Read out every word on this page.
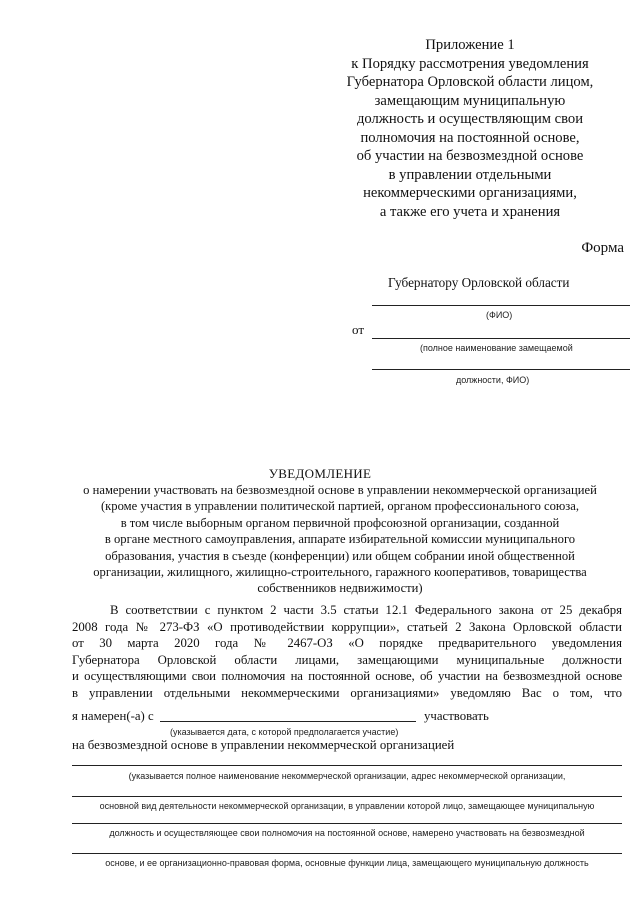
Приложение 1
к Порядку рассмотрения уведомления
Губернатора Орловской области лицом,
замещающим муниципальную
должность и осуществляющим свои
полномочия на постоянной основе,
об участии на безвозмездной основе
в управлении отдельными
некоммерческими организациями,
а также его учета и хранения
Форма
Губернатору Орловской области
(ФИО)
от
(полное наименование замещаемой
должности, ФИО)
УВЕДОМЛЕНИЕ
о намерении участвовать на безвозмездной основе в управлении некоммерческой организацией
(кроме участия в управлении политической партией, органом профессионального союза,
в том числе выборным органом первичной профсоюзной организации, созданной
в органе местного самоуправления, аппарате избирательной комиссии муниципального
образования, участия в съезде (конференции) или общем собрании иной общественной
организации, жилищного, жилищно-строительного, гаражного кооперативов, товарищества
собственников недвижимости)
В соответствии с пунктом 2 части 3.5 статьи 12.1 Федерального закона от 25 декабря
2008 года № 273-ФЗ «О противодействии коррупции», статьей 2 Закона Орловской области
от 30 марта 2020 года № 2467-ОЗ «О порядке предварительного уведомления
Губернатора Орловской области лицами, замещающими муниципальные должности
и осуществляющими свои полномочия на постоянной основе, об участии на безвозмездной основе
в управлении отдельными некоммерческими организациями» уведомляю Вас о том, что
я намерен(-а) с	участвовать
(указывается дата, с которой предполагается участие)
на безвозмездной основе в управлении некоммерческой организацией
(указывается полное наименование некоммерческой организации, адрес некоммерческой организации,
основной вид деятельности некоммерческой организации, в управлении которой лицо, замещающее муниципальную
должность и осуществляющее свои полномочия на постоянной основе, намерено участвовать на безвозмездной
основе, и ее организационно-правовая форма, основные функции лица, замещающего муниципальную должность
